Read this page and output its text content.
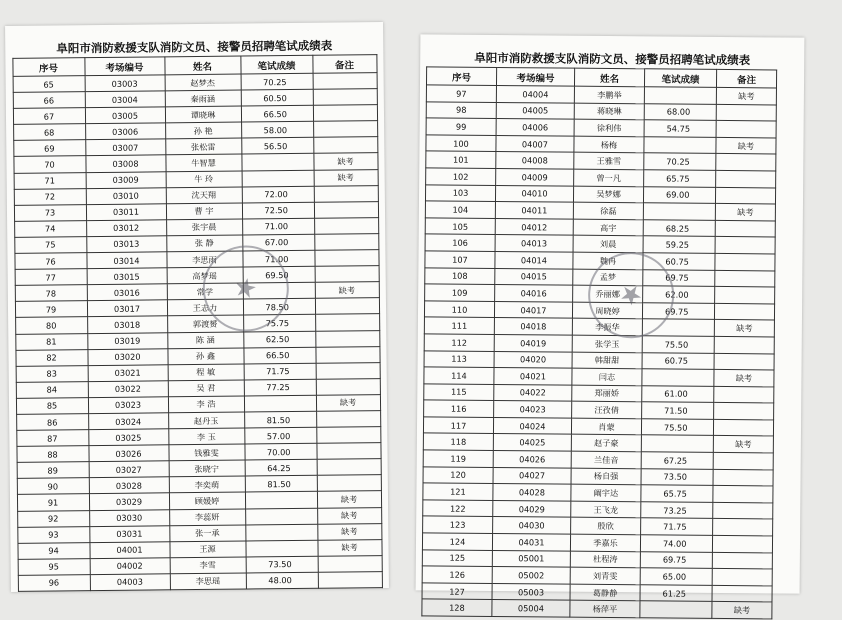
阜阳市消防救援支队消防文员、接警员招聘笔试成绩表
序号	考场编号	姓名	笔试成绩	备注
65	03003	赵梦杰	70.25	
66	03004	秦雨涵	60.50	
67	03005	谭晓琳	66.50	
68	03006	孙 艳	58.00	
69	03007	张松雷	56.50	
70	03008	牛智慧		缺考
71	03009	牛 玲		缺考
72	03010	沈天翔	72.00	
73	03011	曹 宇	72.50	
74	03012	张宇晨	71.00	
75	03013	张 静	67.00	
76	03014	李思雨	71.00	
77	03015	高梦瑶	69.50	
78	03016	常学		缺考
79	03017	王志力	78.50	
80	03018	郭渡赟	75.75	
81	03019	陈 涵	62.50	
82	03020	孙 鑫	66.50	
83	03021	程 敏	71.75	
84	03022	吴 君	77.25	
85	03023	李 浩		缺考
86	03024	赵丹玉	81.50	
87	03025	李 玉	57.00	
88	03026	钱雅雯	70.00	
89	03027	张晓宁	64.25	
90	03028	李奕萌	81.50	
91	03029	顾媛婷		缺考
92	03030	李蕊妍		缺考
93	03031	张一承		缺考
94	04001	王源		缺考
95	04002	李雪	73.50	
96	04003	李思瑶	48.00	
★
阜阳市消防救援支队消防文员、接警员招聘笔试成绩表
序号	考场编号	姓名	笔试成绩	备注
97	04004	李鹏举		缺考
98	04005	蒋晓琳	68.00	
99	04006	徐利伟	54.75	
100	04007	杨梅		缺考
101	04008	王雅雪	70.25	
102	04009	曾一凡	65.75	
103	04010	吴梦娜	69.00	
104	04011	徐磊		缺考
105	04012	高宇	68.25	
106	04013	刘晨	59.25	
107	04014	魏冉	60.75	
108	04015	孟梦	69.75	
109	04016	乔丽娜	62.00	
110	04017	周晓婷	69.75	
111	04018	李振华		缺考
112	04019	张学玉	75.50	
113	04020	韩甜甜	60.75	
114	04021	闫志		缺考
115	04022	郑丽娇	61.00	
116	04023	汪孜倩	71.50	
117	04024	肖蒙	75.50	
118	04025	赵子豪		缺考
119	04026	兰佳音	67.25	
120	04027	杨自强	73.50	
121	04028	阚宇达	65.75	
122	04029	王飞龙	73.25	
123	04030	殷欣	71.75	
124	04031	季嘉乐	74.00	
125	05001	杜程涛	69.75	
126	05002	刘青雯	65.00	
127	05003	葛静静	61.25	
128	05004	杨萍平		缺考
★
